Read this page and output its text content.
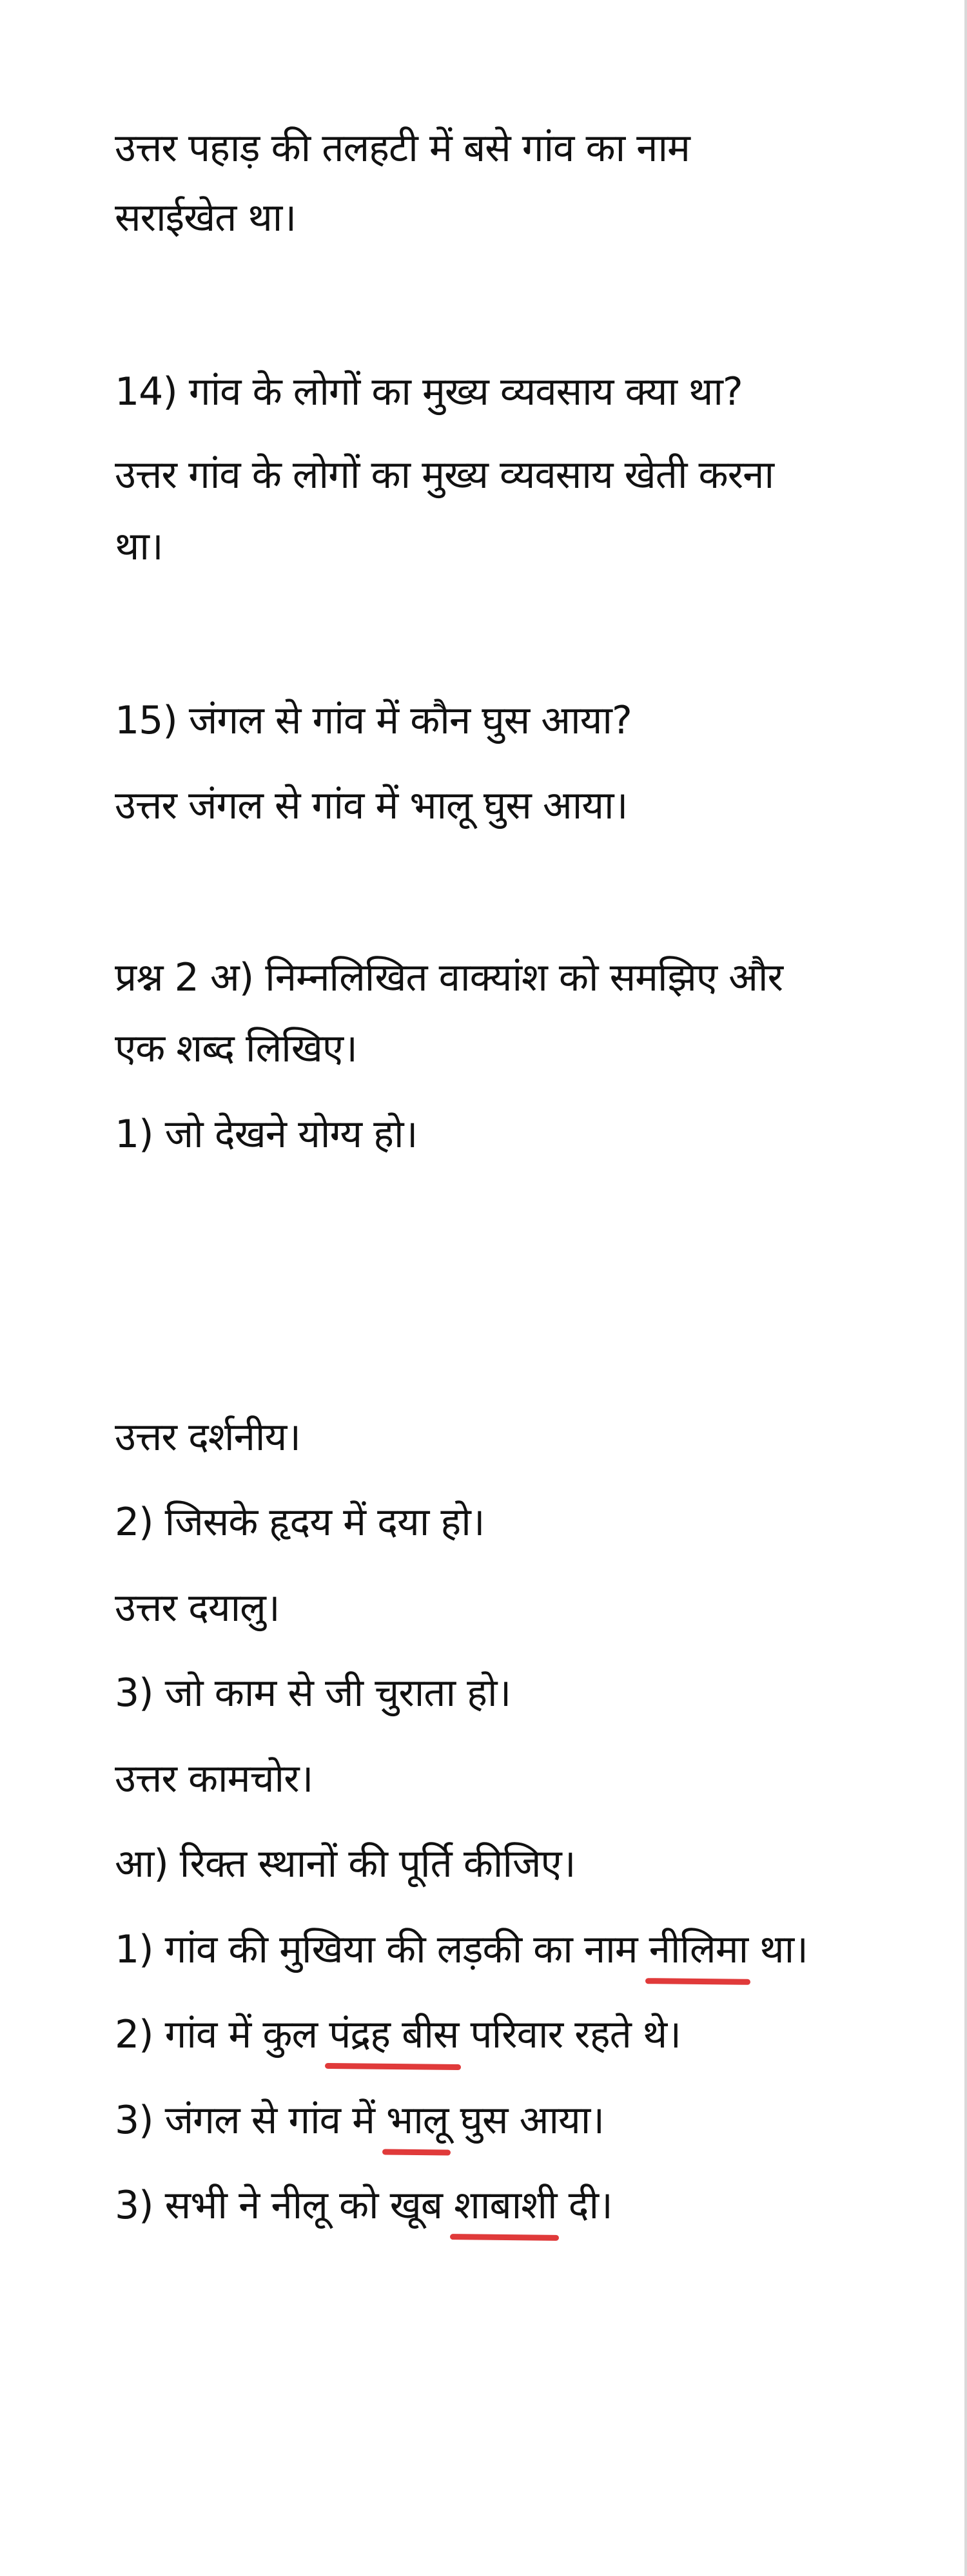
उत्तर पहाड़ की तलहटी में बसे गांव का नाम

सराईखेत था।

14) गांव के लोगों का मुख्य व्यवसाय क्या था?

उत्तर गांव के लोगों का मुख्य व्यवसाय खेती करना

था।

15) जंगल से गांव में कौन घुस आया?

उत्तर जंगल से गांव में भालू घुस आया।

प्रश्न 2 अ) निम्नलिखित वाक्यांश को समझिए और

एक शब्द लिखिए।

1) जो देखने योग्य हो।

उत्तर दर्शनीय।

2) जिसके हृदय में दया हो।

उत्तर दयालु।

3) जो काम से जी चुराता हो।

उत्तर कामचोर।

आ) रिक्त स्थानों की पूर्ति कीजिए।

1) गांव की मुखिया की लड़की का नाम नीलिमा था।

2) गांव में कुल पंद्रह बीस परिवार रहते थे।

3) जंगल से गांव में भालू घुस आया।

3) सभी ने नीलू को खूब शाबाशी दी।
